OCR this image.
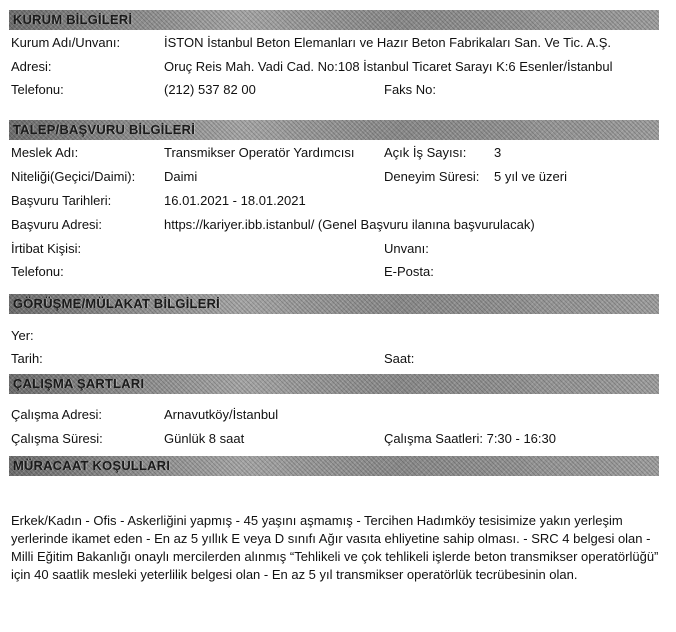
KURUM BİLGİLERİ
Kurum Adı/Unvanı:	İSTON İstanbul Beton Elemanları ve Hazır Beton Fabrikaları San. Ve Tic. A.Ş.
Adresi:	Oruç Reis Mah. Vadi Cad. No:108 İstanbul Ticaret Sarayı K:6 Esenler/İstanbul
Telefonu:	(212) 537 82 00	Faks No:
TALEP/BAŞVURU BİLGİLERİ
Meslek Adı:	Transmikser Operatör Yardımcısı Açık İş Sayısı: 3
Niteliği(Geçici/Daimi): Daimi	Deneyim Süresi: 5 yıl ve üzeri
Başvuru Tarihleri:	16.01.2021 - 18.01.2021
Başvuru Adresi:	https://kariyer.ibb.istanbul/ (Genel Başvuru ilanına başvurulacak)
İrtibat Kişisi:	Unvanı:
Telefonu:	E-Posta:
GÖRÜŞME/MÜLAKAT BİLGİLERİ
Yer:
Tarih:	Saat:
ÇALIŞMA ŞARTLARI
Çalışma Adresi:	Arnavutköy/İstanbul
Çalışma Süresi:	Günlük 8 saat	Çalışma Saatleri: 7:30 - 16:30
MÜRACAAT KOŞULLARI
Erkek/Kadın - Ofis - Askerliğini yapmış - 45 yaşını aşmamış - Tercihen Hadımköy tesisimize yakın yerleşim yerlerinde ikamet eden - En az 5 yıllık E veya D sınıfı Ağır vasıta ehliyetine sahip olması. - SRC 4 belgesi olan - Milli Eğitim Bakanlığı onaylı mercilerden alınmış “Tehlikeli ve çok tehlikeli işlerde beton transmikser operatörlüğü” için 40 saatlik mesleki yeterlilik belgesi olan - En az 5 yıl transmikser operatörlük tecrübesinin olan.
